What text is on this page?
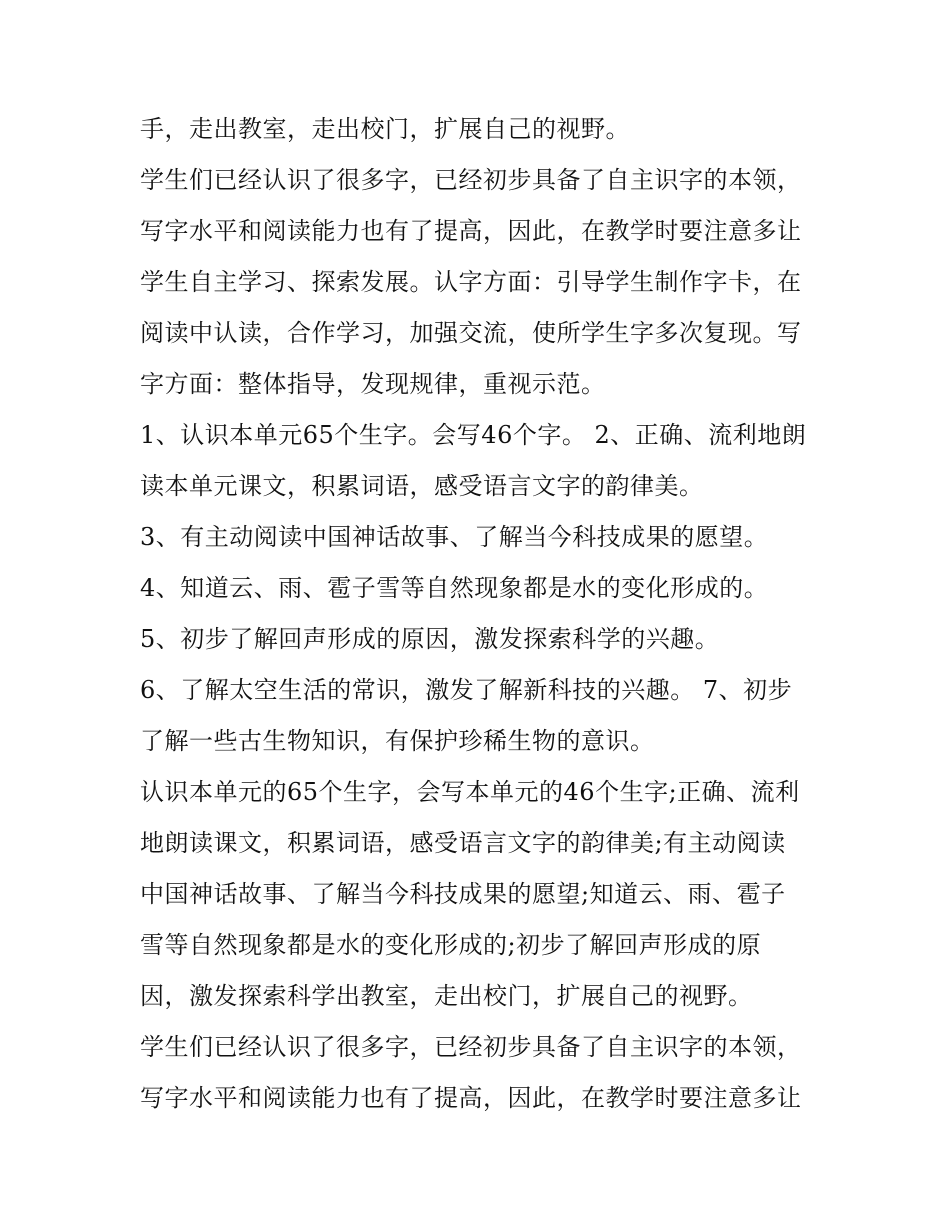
手，走出教室，走出校门，扩展自己的视野。
学生们已经认识了很多字，已经初步具备了自主识字的本领，
写字水平和阅读能力也有了提高，因此，在教学时要注意多让
学生自主学习、探索发展。认字方面：引导学生制作字卡，在
阅读中认读，合作学习，加强交流，使所学生字多次复现。写
字方面：整体指导，发现规律，重视示范。
1、认识本单元65个生字。会写46个字。 2、正确、流利地朗
读本单元课文，积累词语，感受语言文字的韵律美。
3、有主动阅读中国神话故事、了解当今科技成果的愿望。
4、知道云、雨、雹子雪等自然现象都是水的变化形成的。
5、初步了解回声形成的原因，激发探索科学的兴趣。
6、了解太空生活的常识，激发了解新科技的兴趣。 7、初步
了解一些古生物知识，有保护珍稀生物的意识。
认识本单元的65个生字，会写本单元的46个生字;正确、流利
地朗读课文，积累词语，感受语言文字的韵律美;有主动阅读
中国神话故事、了解当今科技成果的愿望;知道云、雨、雹子
雪等自然现象都是水的变化形成的;初步了解回声形成的原
因，激发探索科学出教室，走出校门，扩展自己的视野。
学生们已经认识了很多字，已经初步具备了自主识字的本领，
写字水平和阅读能力也有了提高，因此，在教学时要注意多让
